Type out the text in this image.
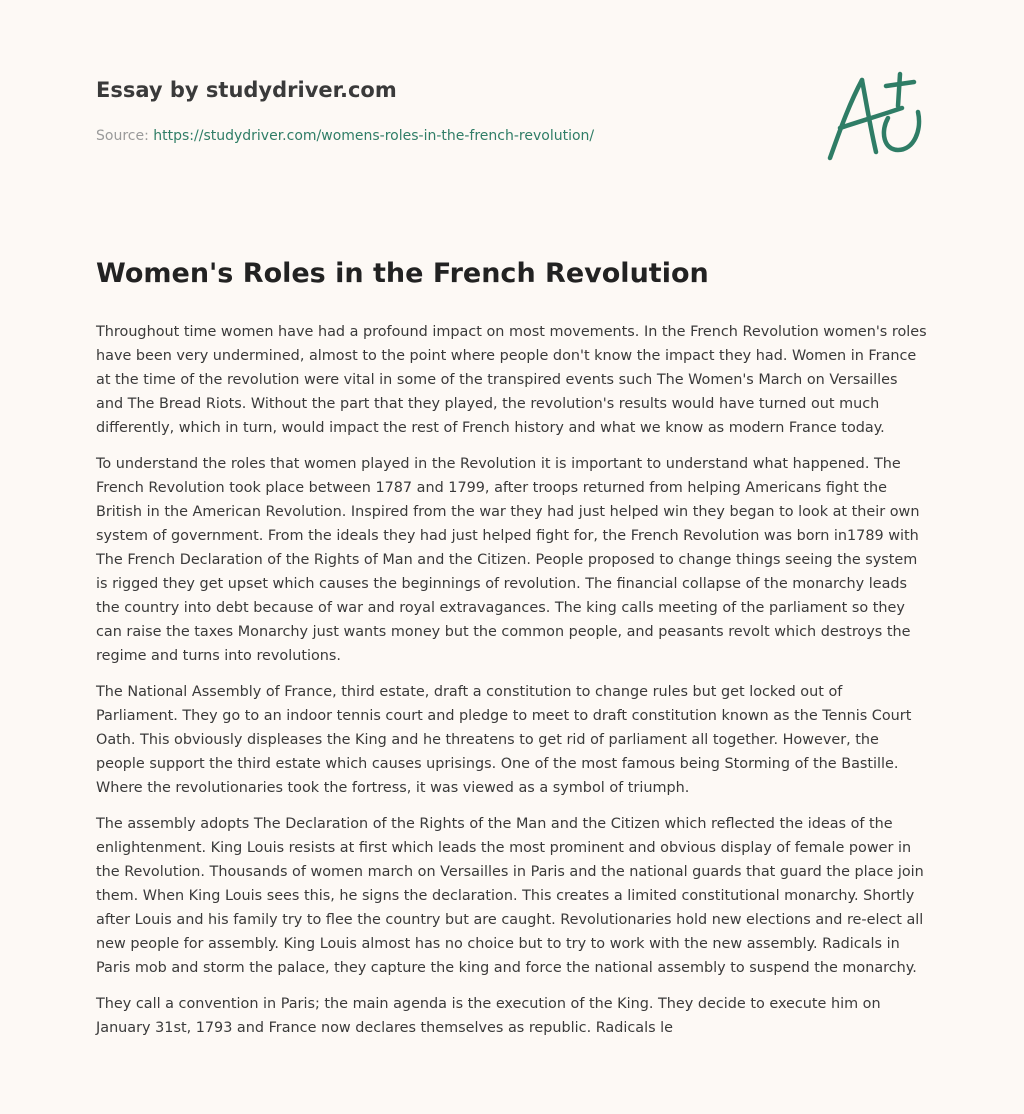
Essay by studydriver.com
Source: https://studydriver.com/womens-roles-in-the-french-revolution/
Women's Roles in the French Revolution

Throughout time women have had a profound impact on most movements. In the French Revolution women's roles have been very undermined, almost to the point where people don't know the impact they had. Women in France at the time of the revolution were vital in some of the transpired events such The Women's March on Versailles and The Bread Riots. Without the part that they played, the revolution's results would have turned out much differently, which in turn, would impact the rest of French history and what we know as modern France today.

To understand the roles that women played in the Revolution it is important to understand what happened. The French Revolution took place between 1787 and 1799, after troops returned from helping Americans fight the British in the American Revolution. Inspired from the war they had just helped win they began to look at their own system of government. From the ideals they had just helped fight for, the French Revolution was born in1789 with The French Declaration of the Rights of Man and the Citizen. People proposed to change things seeing the system is rigged they get upset which causes the beginnings of revolution. The financial collapse of the monarchy leads the country into debt because of war and royal extravagances. The king calls meeting of the parliament so they can raise the taxes Monarchy just wants money but the common people, and peasants revolt which destroys the regime and turns into revolutions.

The National Assembly of France, third estate, draft a constitution to change rules but get locked out of Parliament. They go to an indoor tennis court and pledge to meet to draft constitution known as the Tennis Court Oath. This obviously displeases the King and he threatens to get rid of parliament all together. However, the people support the third estate which causes uprisings. One of the most famous being Storming of the Bastille. Where the revolutionaries took the fortress, it was viewed as a symbol of triumph.

The assembly adopts The Declaration of the Rights of the Man and the Citizen which reflected the ideas of the enlightenment. King Louis resists at first which leads the most prominent and obvious display of female power in the Revolution. Thousands of women march on Versailles in Paris and the national guards that guard the place join them. When King Louis sees this, he signs the declaration. This creates a limited constitutional monarchy. Shortly after Louis and his family try to flee the country but are caught. Revolutionaries hold new elections and re-elect all new people for assembly. King Louis almost has no choice but to try to work with the new assembly. Radicals in Paris mob and storm the palace, they capture the king and force the national assembly to suspend the monarchy.

They call a convention in Paris; the main agenda is the execution of the King. They decide to execute him on January 31st, 1793 and France now declares themselves as republic. Radicals le
